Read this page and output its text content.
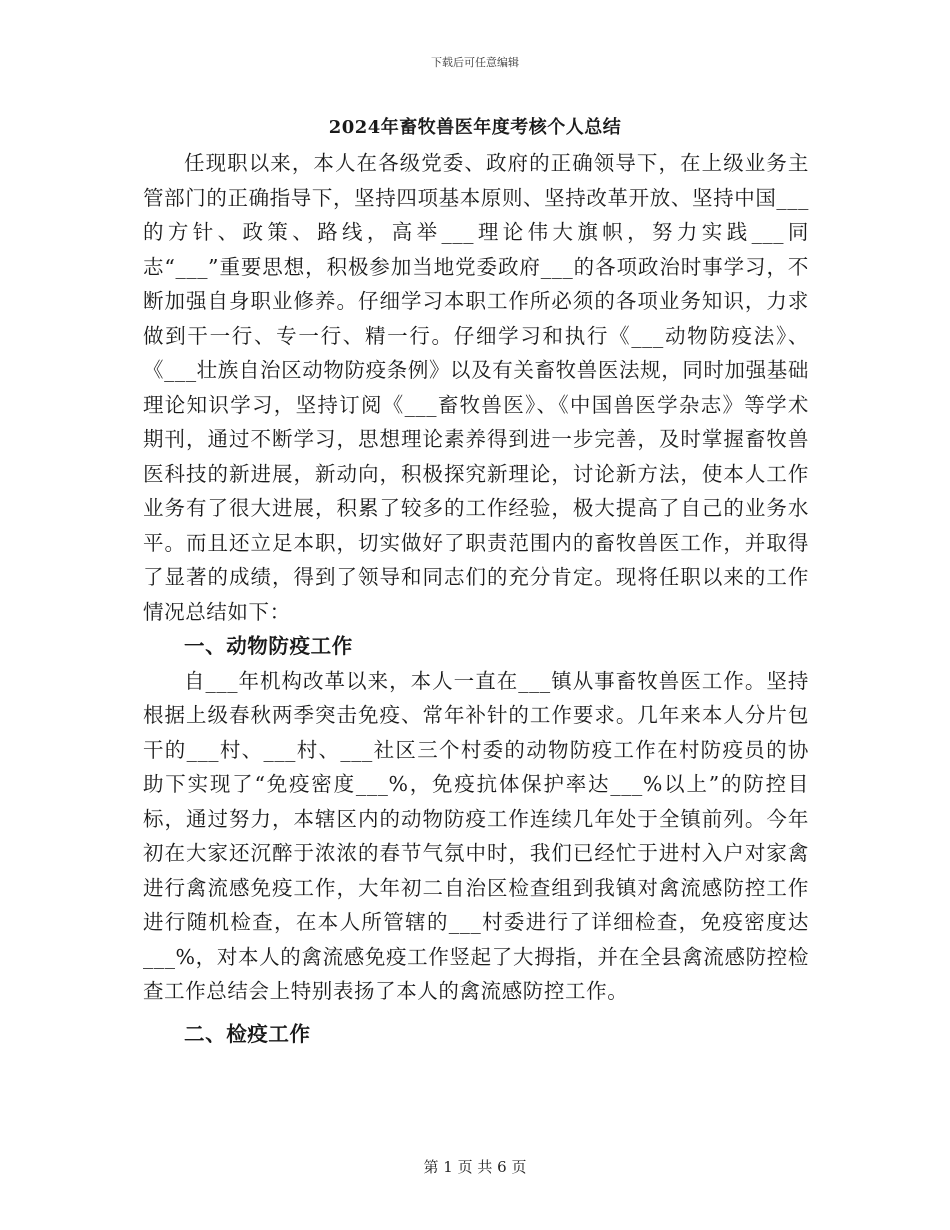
下载后可任意编辑
2024年畜牧兽医年度考核个人总结

任现职以来，本人在各级党委、政府的正确领导下，在上级业务主管部门的正确指导下，坚持四项基本原则、坚持改革开放、坚持中国___的方针、政策、路线，高举___理论伟大旗帜，努力实践___同志“___”重要思想，积极参加当地党委政府___的各项政治时事学习，不断加强自身职业修养。仔细学习本职工作所必须的各项业务知识，力求做到干一行、专一行、精一行。仔细学习和执行《___动物防疫法》、《___壮族自治区动物防疫条例》以及有关畜牧兽医法规，同时加强基础理论知识学习，坚持订阅《___畜牧兽医》、《中国兽医学杂志》等学术期刊，通过不断学习，思想理论素养得到进一步完善，及时掌握畜牧兽医科技的新进展，新动向，积极探究新理论，讨论新方法，使本人工作业务有了很大进展，积累了较多的工作经验，极大提高了自己的业务水平。而且还立足本职，切实做好了职责范围内的畜牧兽医工作，并取得了显著的成绩，得到了领导和同志们的充分肯定。现将任职以来的工作情况总结如下：

一、动物防疫工作

自___年机构改革以来，本人一直在___镇从事畜牧兽医工作。坚持根据上级春秋两季突击免疫、常年补针的工作要求。几年来本人分片包干的___村、___村、___社区三个村委的动物防疫工作在村防疫员的协助下实现了“免疫密度___%，免疫抗体保护率达___%以上”的防控目标，通过努力，本辖区内的动物防疫工作连续几年处于全镇前列。今年初在大家还沉醉于浓浓的春节气氛中时，我们已经忙于进村入户对家禽进行禽流感免疫工作，大年初二自治区检查组到我镇对禽流感防控工作进行随机检查，在本人所管辖的___村委进行了详细检查，免疫密度达___%，对本人的禽流感免疫工作竖起了大拇指，并在全县禽流感防控检查工作总结会上特别表扬了本人的禽流感防控工作。

二、检疫工作
第 1 页 共 6 页
